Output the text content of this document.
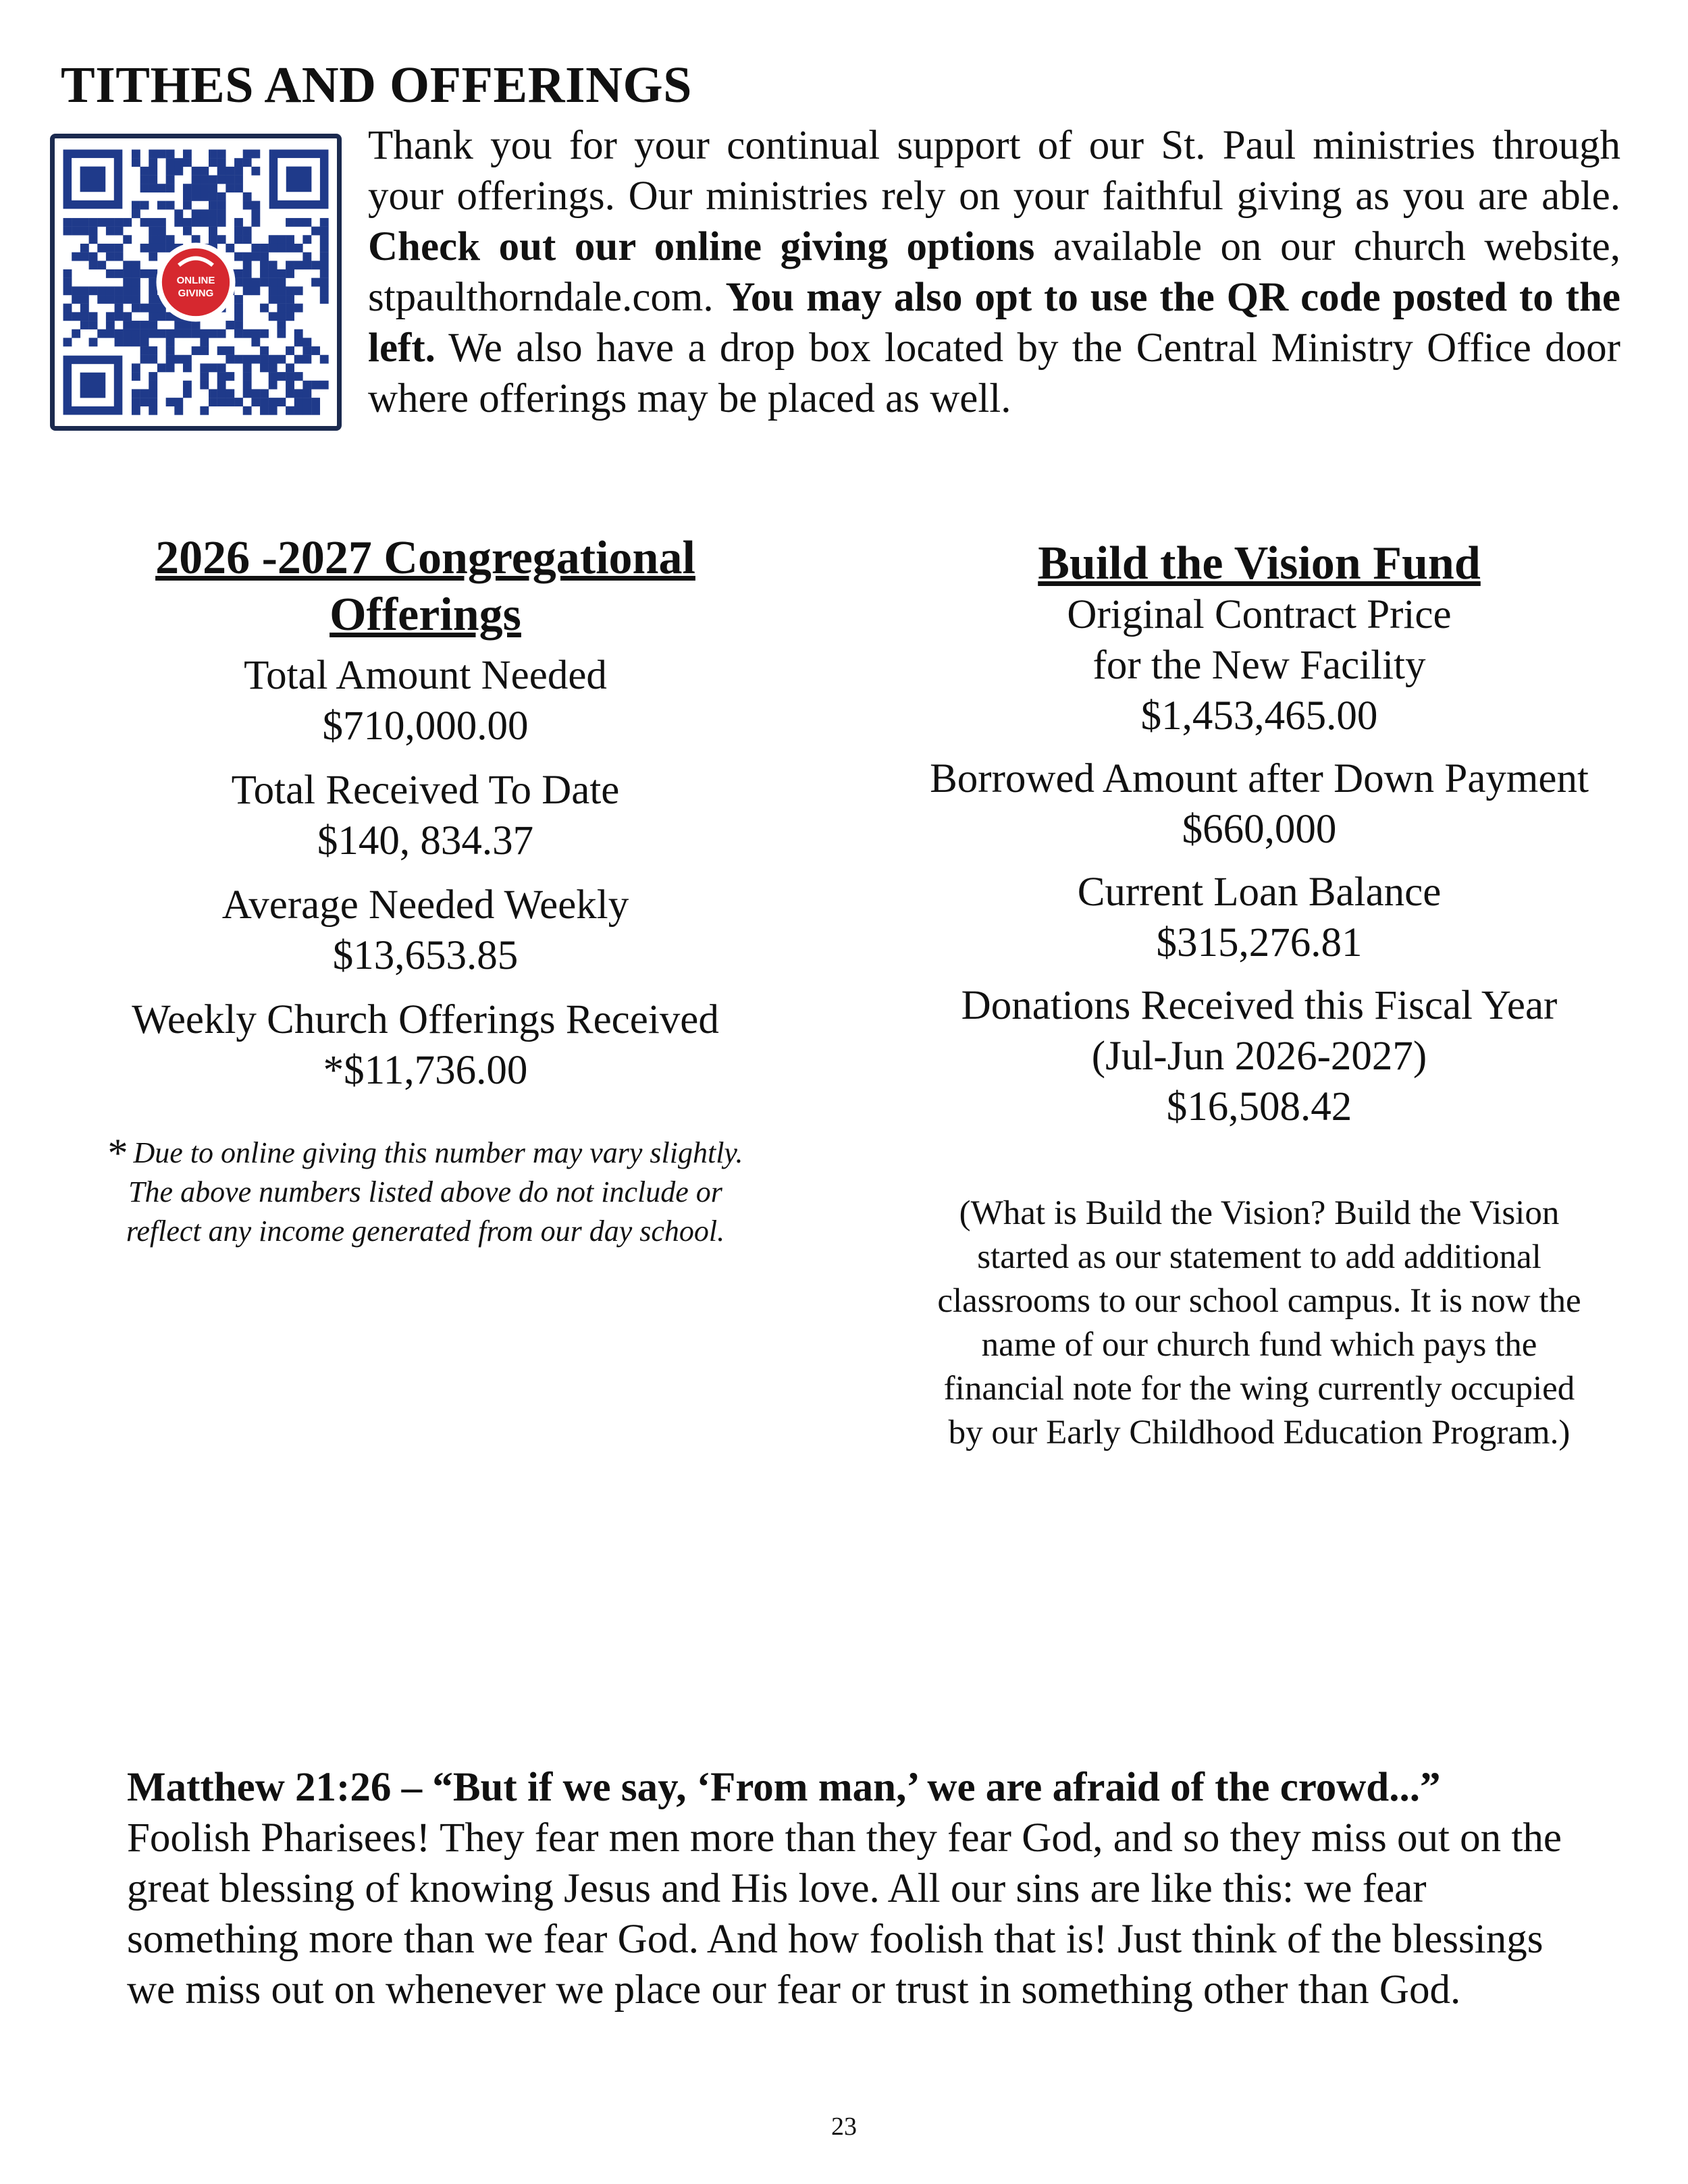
TITHES AND OFFERINGS
ONLINE
GIVING

Thank you for your continual support of our St. Paul ministries through your offerings. Our ministries rely on your faithful giving as you are able. Check out our online giving options available on our church website, stpaulthorndale.com. You may also opt to use the QR code posted to the left. We also have a drop box located by the Central Ministry Office door where offerings may be placed as well.

2026 -2027 Congregational
Offerings
Total Amount Needed
$710,000.00
Total Received To Date
$140, 834.37
Average Needed Weekly
$13,653.85
Weekly Church Offerings Received
*$11,736.00
* Due to online giving this number may vary slightly.
The above numbers listed above do not include or
reflect any income generated from our day school.
Build the Vision Fund
Original Contract Price
for the New Facility
$1,453,465.00
Borrowed Amount after Down Payment
$660,000
Current Loan Balance
$315,276.81
Donations Received this Fiscal Year
(Jul-Jun 2026-2027)
$16,508.42
(What is Build the Vision? Build the Vision
started as our statement to add additional
classrooms to our school campus. It is now the
name of our church fund which pays the
financial note for the wing currently occupied
by our Early Childhood Education Program.)

Matthew 21:26 – “But if we say, ‘From man,’ we are afraid of the crowd...” Foolish Pharisees! They fear men more than they fear God, and so they miss out on the great blessing of knowing Jesus and His love. All our sins are like this: we fear something more than we fear God. And how foolish that is! Just think of the blessings we miss out on whenever we place our fear or trust in something other than God.

23
